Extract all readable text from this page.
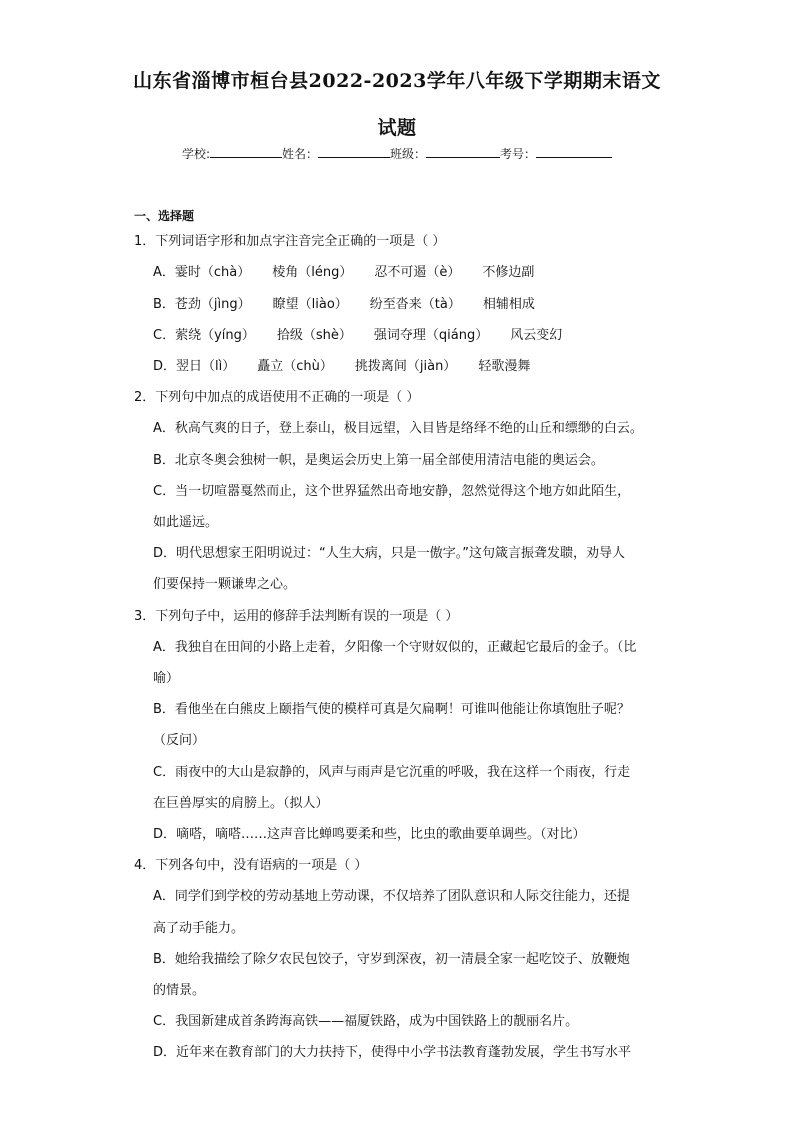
山东省淄博市桓台县2022-2023学年八年级下学期期末语文
试题
学校:	姓名：	班级：	考号：
一、选择题
1．下列词语字形和加点字注音完全正确的一项是（ ）
A．霎时（chà） 棱角（léng） 忍不可遏（è） 不修边副
B．苍劲（jìng） 瞭望（liào） 纷至沓来（tà） 相辅相成
C．萦绕（yíng） 拾级（shè） 强词夺理（qiáng） 风云变幻
D．翌日（lì） 矗立（chù） 挑拨离间（jiàn） 轻歌漫舞
2．下列句中加点的成语使用不正确的一项是（ ）
A．秋高气爽的日子，登上泰山，极目远望，入目皆是络绎不绝的山丘和缥缈的白云。
B．北京冬奥会独树一帜，是奥运会历史上第一届全部使用清洁电能的奥运会。
C．当一切喧嚣戛然而止，这个世界猛然出奇地安静，忽然觉得这个地方如此陌生，
如此遥远。
D．明代思想家王阳明说过：“人生大病，只是一傲字。”这句箴言振聋发聩，劝导人
们要保持一颗谦卑之心。
3．下列句子中，运用的修辞手法判断有误的一项是（ ）
A．我独自在田间的小路上走着，夕阳像一个守财奴似的，正藏起它最后的金子。（比
喻）
B．看他坐在白熊皮上颐指气使的模样可真是欠扁啊！可谁叫他能让你填饱肚子呢？
（反问）
C．雨夜中的大山是寂静的，风声与雨声是它沉重的呼吸，我在这样一个雨夜，行走
在巨兽厚实的肩膀上。（拟人）
D．嘀嗒，嘀嗒……这声音比蝉鸣要柔和些，比虫的歌曲要单调些。（对比）
4．下列各句中，没有语病的一项是（ ）
A．同学们到学校的劳动基地上劳动课，不仅培养了团队意识和人际交往能力，还提
高了动手能力。
B．她给我描绘了除夕农民包饺子，守岁到深夜，初一清晨全家一起吃饺子、放鞭炮
的情景。
C．我国新建成首条跨海高铁——福厦铁路，成为中国铁路上的靓丽名片。
D．近年来在教育部门的大力扶持下，使得中小学书法教育蓬勃发展，学生书写水平
